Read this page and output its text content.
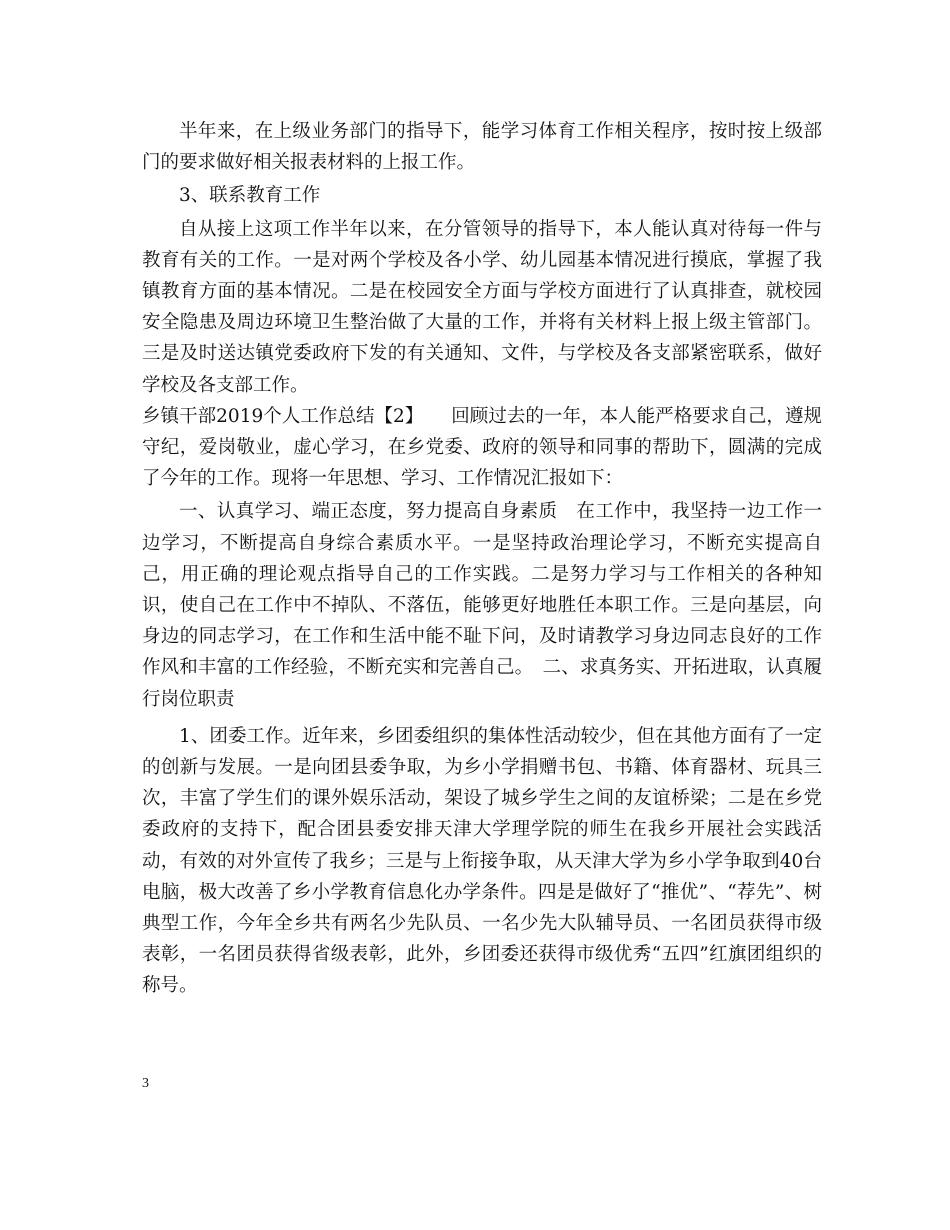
半年来，在上级业务部门的指导下，能学习体育工作相关程序，按时按上级部门的要求做好相关报表材料的上报工作。

3、联系教育工作

自从接上这项工作半年以来，在分管领导的指导下，本人能认真对待每一件与教育有关的工作。一是对两个学校及各小学、幼儿园基本情况进行摸底，掌握了我镇教育方面的基本情况。二是在校园安全方面与学校方面进行了认真排查，就校园安全隐患及周边环境卫生整治做了大量的工作，并将有关材料上报上级主管部门。三是及时送达镇党委政府下发的有关通知、文件，与学校及各支部紧密联系，做好学校及各支部工作。

乡镇干部2019个人工作总结【2】　　回顾过去的一年，本人能严格要求自己，遵规守纪，爱岗敬业，虚心学习，在乡党委、政府的领导和同事的帮助下，圆满的完成了今年的工作。现将一年思想、学习、工作情况汇报如下：

一、认真学习、端正态度，努力提高自身素质　在工作中，我坚持一边工作一边学习，不断提高自身综合素质水平。一是坚持政治理论学习，不断充实提高自己，用正确的理论观点指导自己的工作实践。二是努力学习与工作相关的各种知识，使自己在工作中不掉队、不落伍，能够更好地胜任本职工作。三是向基层，向身边的同志学习，在工作和生活中能不耻下问，及时请教学习身边同志良好的工作作风和丰富的工作经验，不断充实和完善自己。　二、求真务实、开拓进取，认真履行岗位职责

1、团委工作。近年来，乡团委组织的集体性活动较少，但在其他方面有了一定的创新与发展。一是向团县委争取，为乡小学捐赠书包、书籍、体育器材、玩具三次，丰富了学生们的课外娱乐活动，架设了城乡学生之间的友谊桥梁；二是在乡党委政府的支持下，配合团县委安排天津大学理学院的师生在我乡开展社会实践活动，有效的对外宣传了我乡；三是与上衔接争取，从天津大学为乡小学争取到40台电脑，极大改善了乡小学教育信息化办学条件。四是是做好了“推优”、“荐先”、树典型工作，今年全乡共有两名少先队员、一名少先大队辅导员、一名团员获得市级表彰，一名团员获得省级表彰，此外，乡团委还获得市级优秀“五四”红旗团组织的称号。

3
